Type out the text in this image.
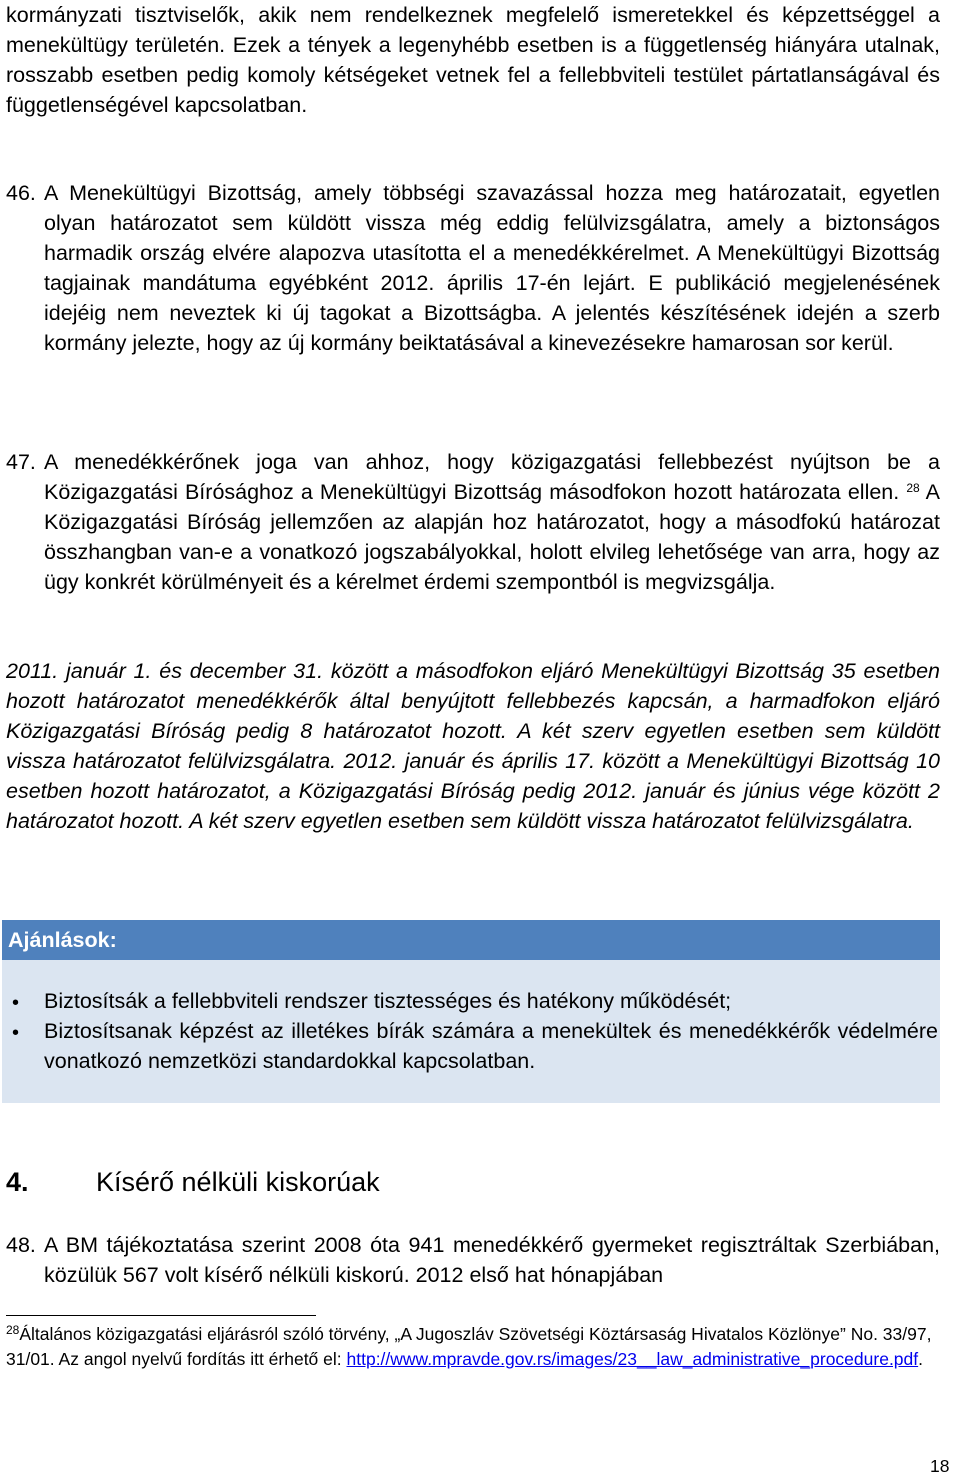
kormányzati tisztviselők, akik nem rendelkeznek megfelelő ismeretekkel és képzettséggel a menekültügy területén. Ezek a tények a legenyhébb esetben is a függetlenség hiányára utalnak, rosszabb esetben pedig komoly kétségeket vetnek fel a fellebbviteli testület pártatlanságával és függetlenségével kapcsolatban.

46. A Menekültügyi Bizottság, amely többségi szavazással hozza meg határozatait, egyetlen olyan határozatot sem küldött vissza még eddig felülvizsgálatra, amely a biztonságos harmadik ország elvére alapozva utasította el a menedékkérelmet. A Menekültügyi Bizottság tagjainak mandátuma egyébként 2012. április 17-én lejárt. E publikáció megjelenésének idejéig nem neveztek ki új tagokat a Bizottságba. A jelentés készítésének idején a szerb kormány jelezte, hogy az új kormány beiktatásával a kinevezésekre hamarosan sor kerül.

47. A menedékkérőnek joga van ahhoz, hogy közigazgatási fellebbezést nyújtson be a Közigazgatási Bírósághoz a Menekültügyi Bizottság másodfokon hozott határozata ellen. $^{28}$ A Közigazgatási Bíróság jellemzően az alapján hoz határozatot, hogy a másodfokú határozat összhangban van-e a vonatkozó jogszabályokkal, holott elvileg lehetősége van arra, hogy az ügy konkrét körülményeit és a kérelmet érdemi szempontból is megvizsgálja.

2011. január 1. és december 31. között a másodfokon eljáró Menekültügyi Bizottság 35 esetben hozott határozatot menedékkérők által benyújtott fellebbezés kapcsán, a harmadfokon eljáró Közigazgatási Bíróság pedig 8 határozatot hozott. A két szerv egyetlen esetben sem küldött vissza határozatot felülvizsgálatra. 2012. január és április 17. között a Menekültügyi Bizottság 10 esetben hozott határozatot, a Közigazgatási Bíróság pedig 2012. január és június vége között 2 határozatot hozott. A két szerv egyetlen esetben sem küldött vissza határozatot felülvizsgálatra.

Ajánlások:
• Biztosítsák a fellebbviteli rendszer tisztességes és hatékony működését;

• Biztosítsanak képzést az illetékes bírák számára a menekültek és menedékkérők védelmére vonatkozó nemzetközi standardokkal kapcsolatban.

4. Kísérő nélküli kiskorúak
48. A BM tájékoztatása szerint 2008 óta 941 menedékkérő gyermeket regisztráltak Szerbiában, közülük 567 volt kísérő nélküli kiskorú. 2012 első hat hónapjában

$^{28}$Általános közigazgatási eljárásról szóló törvény, „A Jugoszláv Szövetségi Köztársaság Hivatalos Közlönye” No. 33/97, 31/01. Az angol nyelvű fordítás itt érhető el: http://www.mpravde.gov.rs/images/23__law_administrative_procedure.pdf.

18
